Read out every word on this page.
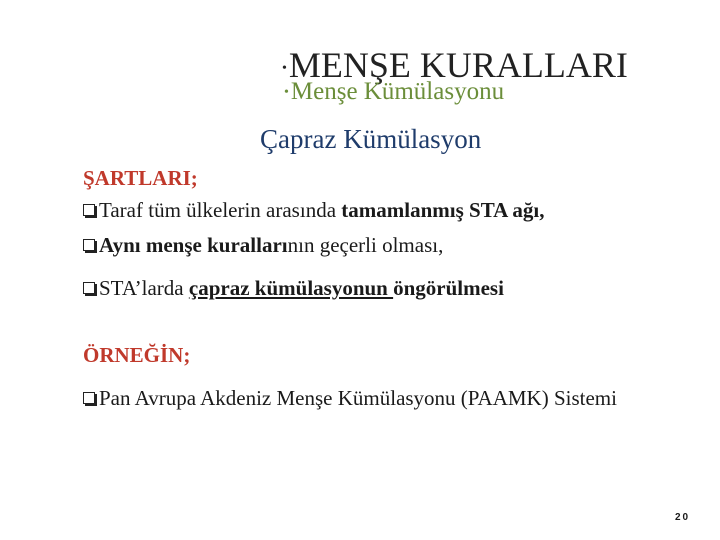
•MENŞE KURALLARI
•Menşe Kümülasyonu
Çapraz Kümülasyon
ŞARTLARI;
Taraf tüm ülkelerin arasında tamamlanmış STA ağı,
Aynı menşe kurallarının geçerli olması,
STA’larda çapraz kümülasyonun öngörülmesi
ÖRNEĞİN;
Pan Avrupa Akdeniz Menşe Kümülasyonu (PAAMK) Sistemi
20
